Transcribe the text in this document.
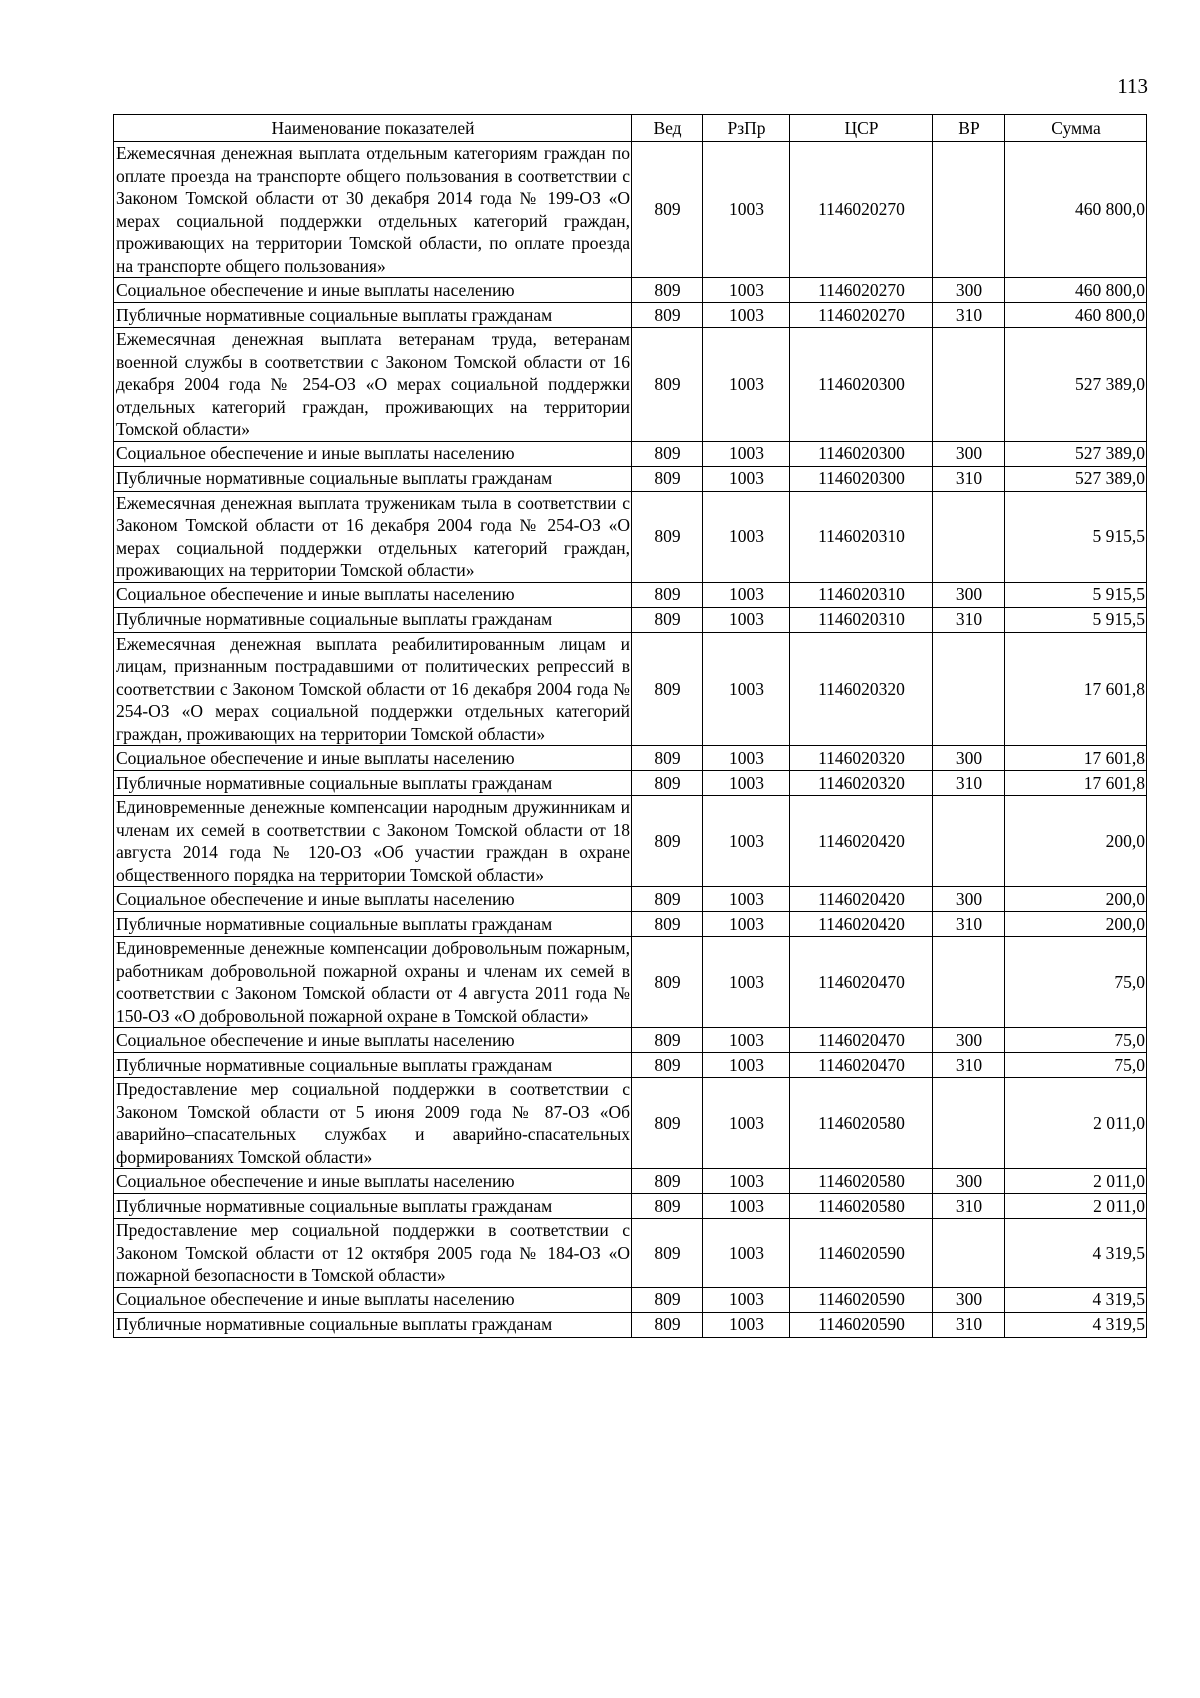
113
Наименование показателей	Вед	РзПр	ЦСР	ВР	Сумма
Ежемесячная денежная выплата отдельным категориям граждан по оплате проезда на транспорте общего пользования в соответствии с Законом Томской области от 30 декабря 2014 года № 199-ОЗ «О мерах социальной поддержки отдельных категорий граждан, проживающих на территории Томской области, по оплате проезда на транспорте общего пользования»	809	1003	1146020270		460 800,0
Социальное обеспечение и иные выплаты населению	809	1003	1146020270	300	460 800,0
Публичные нормативные социальные выплаты гражданам	809	1003	1146020270	310	460 800,0
Ежемесячная денежная выплата ветеранам труда, ветеранам военной службы в соответствии с Законом Томской области от 16 декабря 2004 года № 254-ОЗ «О мерах социальной поддержки отдельных категорий граждан, проживающих на территории Томской области»	809	1003	1146020300		527 389,0
Социальное обеспечение и иные выплаты населению	809	1003	1146020300	300	527 389,0
Публичные нормативные социальные выплаты гражданам	809	1003	1146020300	310	527 389,0
Ежемесячная денежная выплата труженикам тыла в соответствии с Законом Томской области от 16 декабря 2004 года № 254-ОЗ «О мерах социальной поддержки отдельных категорий граждан, проживающих на территории Томской области»	809	1003	1146020310		5 915,5
Социальное обеспечение и иные выплаты населению	809	1003	1146020310	300	5 915,5
Публичные нормативные социальные выплаты гражданам	809	1003	1146020310	310	5 915,5
Ежемесячная денежная выплата реабилитированным лицам и лицам, признанным пострадавшими от политических репрессий в соответствии с Законом Томской области от 16 декабря 2004 года № 254-ОЗ «О мерах социальной поддержки отдельных категорий граждан, проживающих на территории Томской области»	809	1003	1146020320		17 601,8
Социальное обеспечение и иные выплаты населению	809	1003	1146020320	300	17 601,8
Публичные нормативные социальные выплаты гражданам	809	1003	1146020320	310	17 601,8
Единовременные денежные компенсации народным дружинникам и членам их семей в соответствии с Законом Томской области от 18 августа 2014 года № 120-ОЗ «Об участии граждан в охране общественного порядка на территории Томской области»	809	1003	1146020420		200,0
Социальное обеспечение и иные выплаты населению	809	1003	1146020420	300	200,0
Публичные нормативные социальные выплаты гражданам	809	1003	1146020420	310	200,0
Единовременные денежные компенсации добровольным пожарным, работникам добровольной пожарной охраны и членам их семей в соответствии с Законом Томской области от 4 августа 2011 года № 150-ОЗ «О добровольной пожарной охране в Томской области»	809	1003	1146020470		75,0
Социальное обеспечение и иные выплаты населению	809	1003	1146020470	300	75,0
Публичные нормативные социальные выплаты гражданам	809	1003	1146020470	310	75,0
Предоставление мер социальной поддержки в соответствии с Законом Томской области от 5 июня 2009 года № 87-ОЗ «Об аварийно–спасательных службах и аварийно-спасательных формированиях Томской области»	809	1003	1146020580		2 011,0
Социальное обеспечение и иные выплаты населению	809	1003	1146020580	300	2 011,0
Публичные нормативные социальные выплаты гражданам	809	1003	1146020580	310	2 011,0
Предоставление мер социальной поддержки в соответствии с Законом Томской области от 12 октября 2005 года № 184-ОЗ «О пожарной безопасности в Томской области»	809	1003	1146020590		4 319,5
Социальное обеспечение и иные выплаты населению	809	1003	1146020590	300	4 319,5
Публичные нормативные социальные выплаты гражданам	809	1003	1146020590	310	4 319,5
